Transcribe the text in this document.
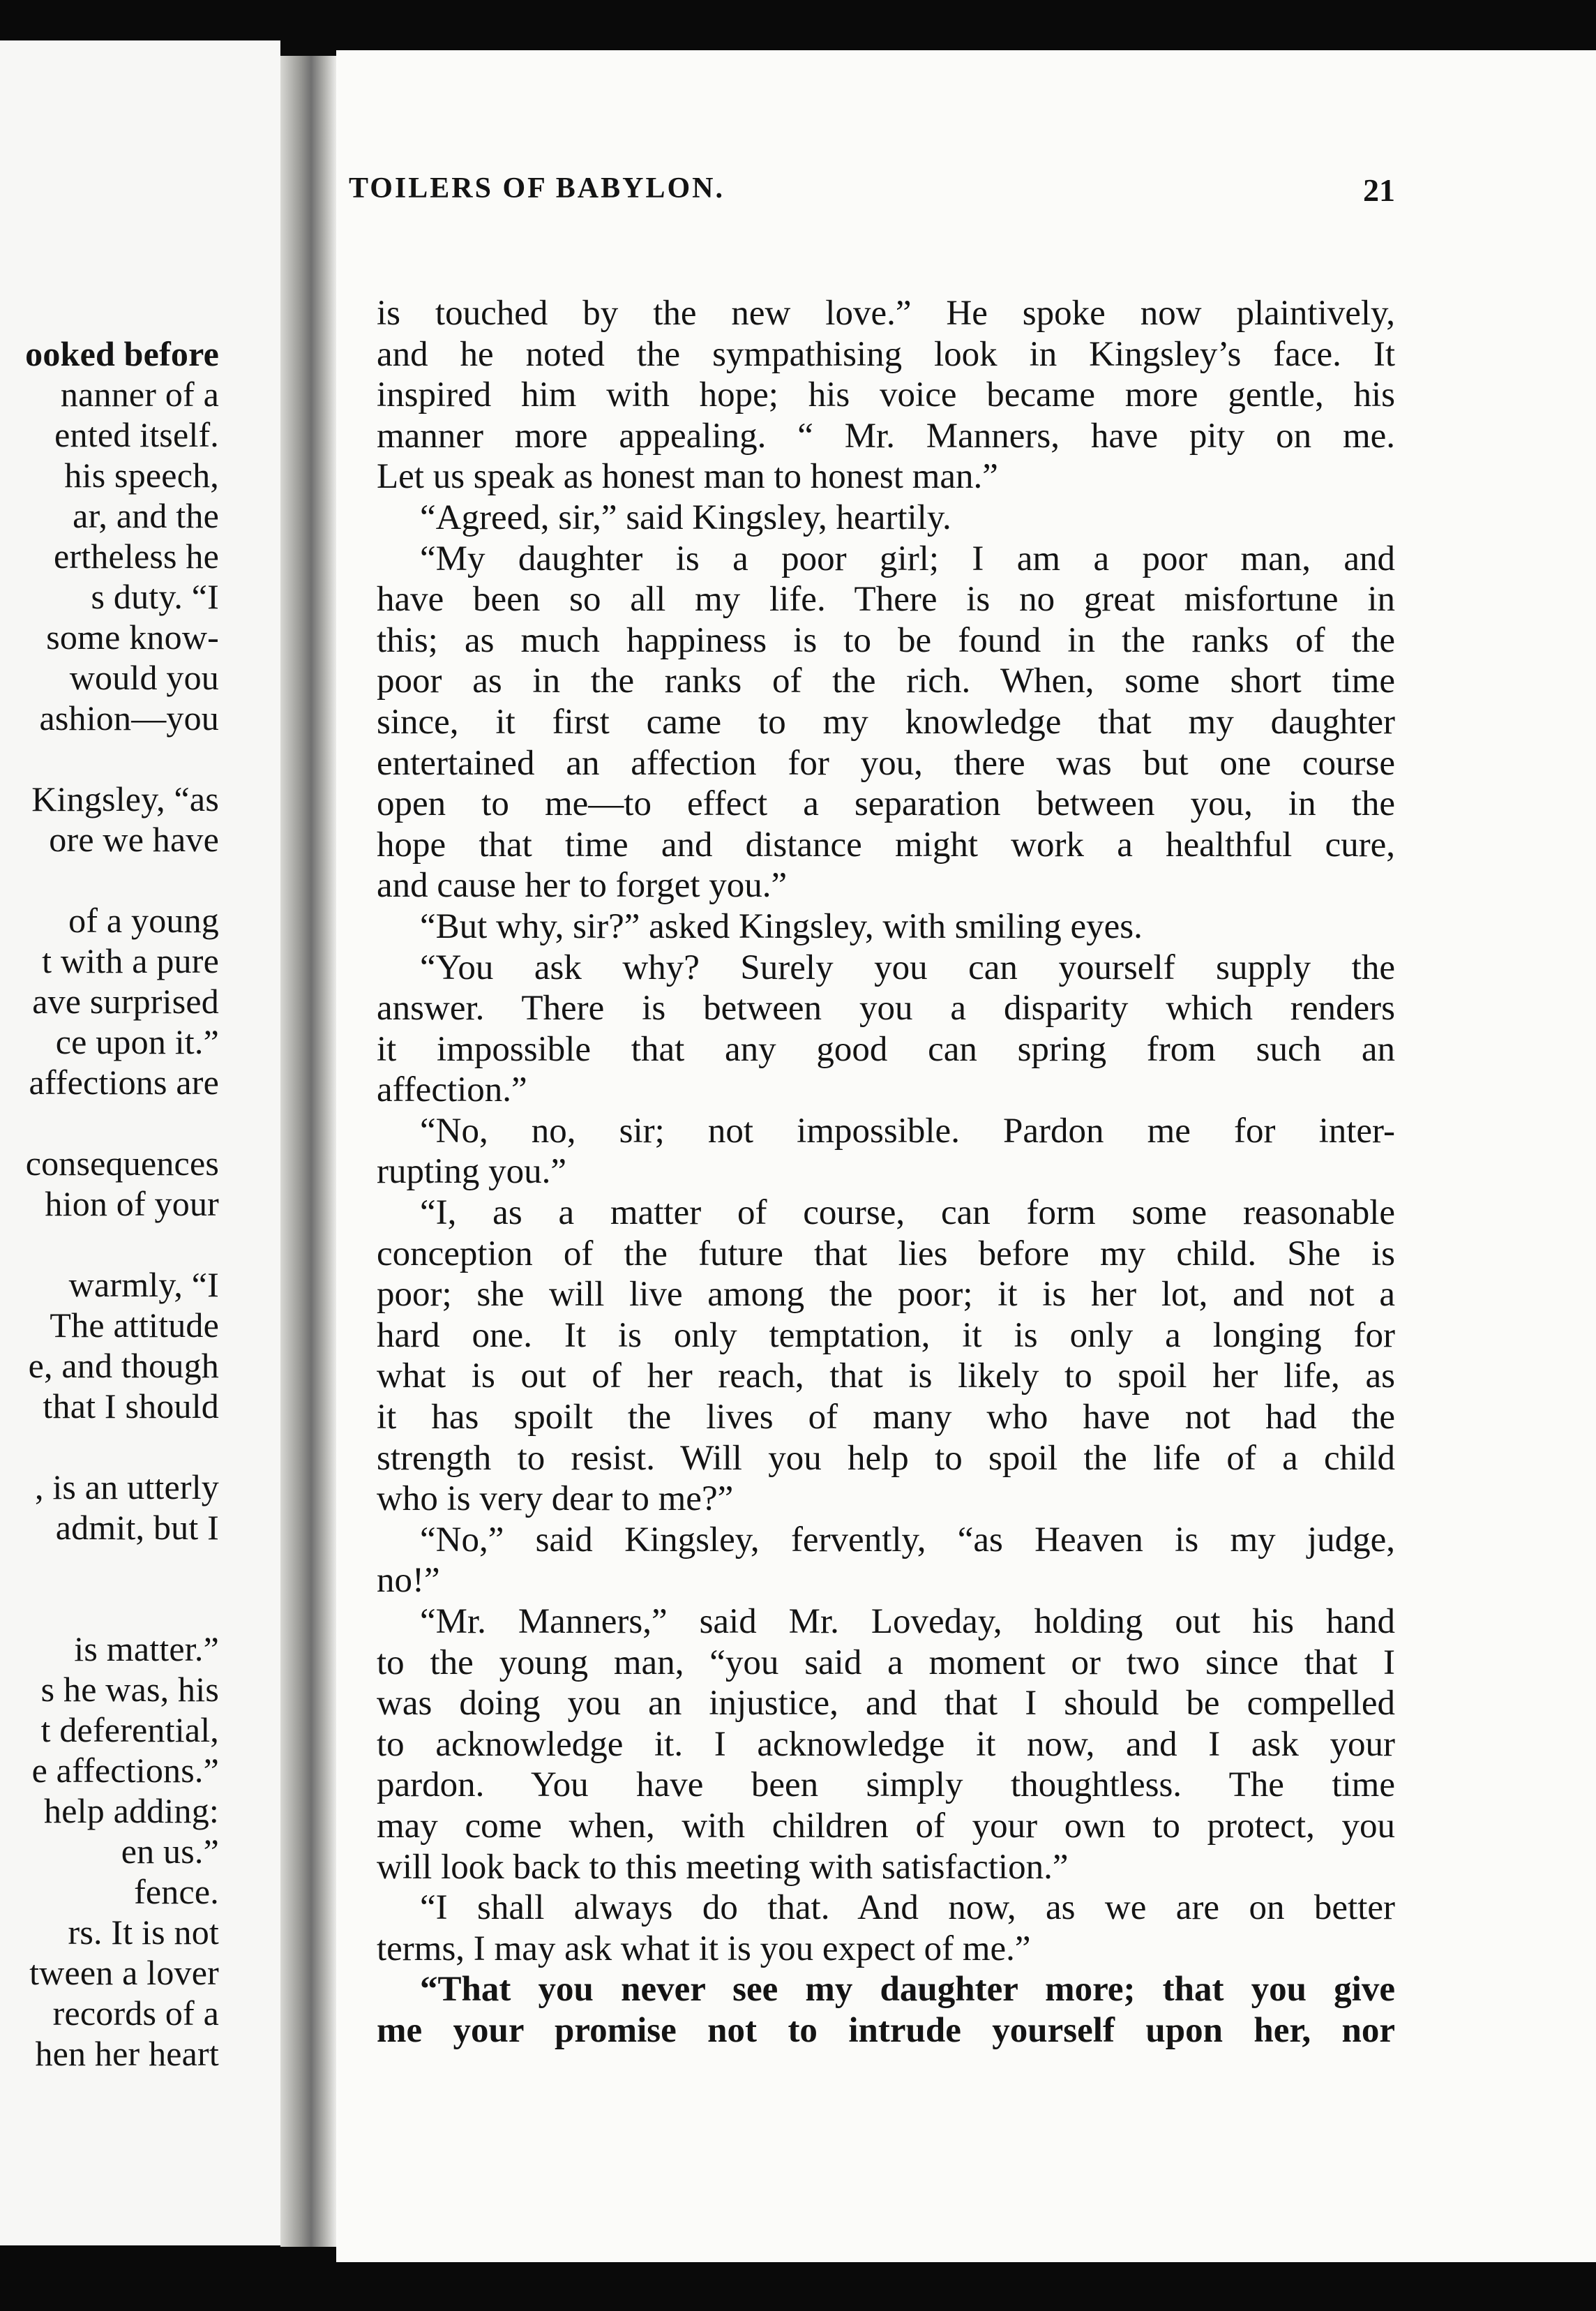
ooked before
nanner of a
ented itself.
his speech,
ar, and the
ertheless he
s duty. “I
some know-
would you
ashion—you
Kingsley, “as
ore we have
of a young
t with a pure
ave surprised
ce upon it.”
affections are
consequences
hion of your
warmly, “I
The attitude
e, and though
that I should
, is an utterly
admit, but I
is matter.”
s he was, his
t deferential,
e affections.”
help adding:
en us.”
fence.
rs. It is not
tween a lover
records of a
hen her heart
TOILERS OF BABYLON.	21
is touched by the new love.” He spoke now plaintively,
and he noted the sympathising look in Kingsley’s face. It
inspired him with hope; his voice became more gentle, his
manner more appealing. “ Mr. Manners, have pity on me.
Let us speak as honest man to honest man.”
“Agreed, sir,” said Kingsley, heartily.
“My daughter is a poor girl; I am a poor man, and
have been so all my life. There is no great misfortune in
this; as much happiness is to be found in the ranks of the
poor as in the ranks of the rich. When, some short time
since, it first came to my knowledge that my daughter
entertained an affection for you, there was but one course
open to me—to effect a separation between you, in the
hope that time and distance might work a healthful cure,
and cause her to forget you.”
“But why, sir?” asked Kingsley, with smiling eyes.
“You ask why? Surely you can yourself supply the
answer. There is between you a disparity which renders
it impossible that any good can spring from such an
affection.”
“No, no, sir; not impossible. Pardon me for inter-
rupting you.”
“I, as a matter of course, can form some reasonable
conception of the future that lies before my child. She is
poor; she will live among the poor; it is her lot, and not a
hard one. It is only temptation, it is only a longing for
what is out of her reach, that is likely to spoil her life, as
it has spoilt the lives of many who have not had the
strength to resist. Will you help to spoil the life of a child
who is very dear to me?”
“No,” said Kingsley, fervently, “as Heaven is my judge,
no!”
“Mr. Manners,” said Mr. Loveday, holding out his hand
to the young man, “you said a moment or two since that I
was doing you an injustice, and that I should be compelled
to acknowledge it. I acknowledge it now, and I ask your
pardon. You have been simply thoughtless. The time
may come when, with children of your own to protect, you
will look back to this meeting with satisfaction.”
“I shall always do that. And now, as we are on better
terms, I may ask what it is you expect of me.”
“That you never see my daughter more; that you give
me your promise not to intrude yourself upon her, nor
